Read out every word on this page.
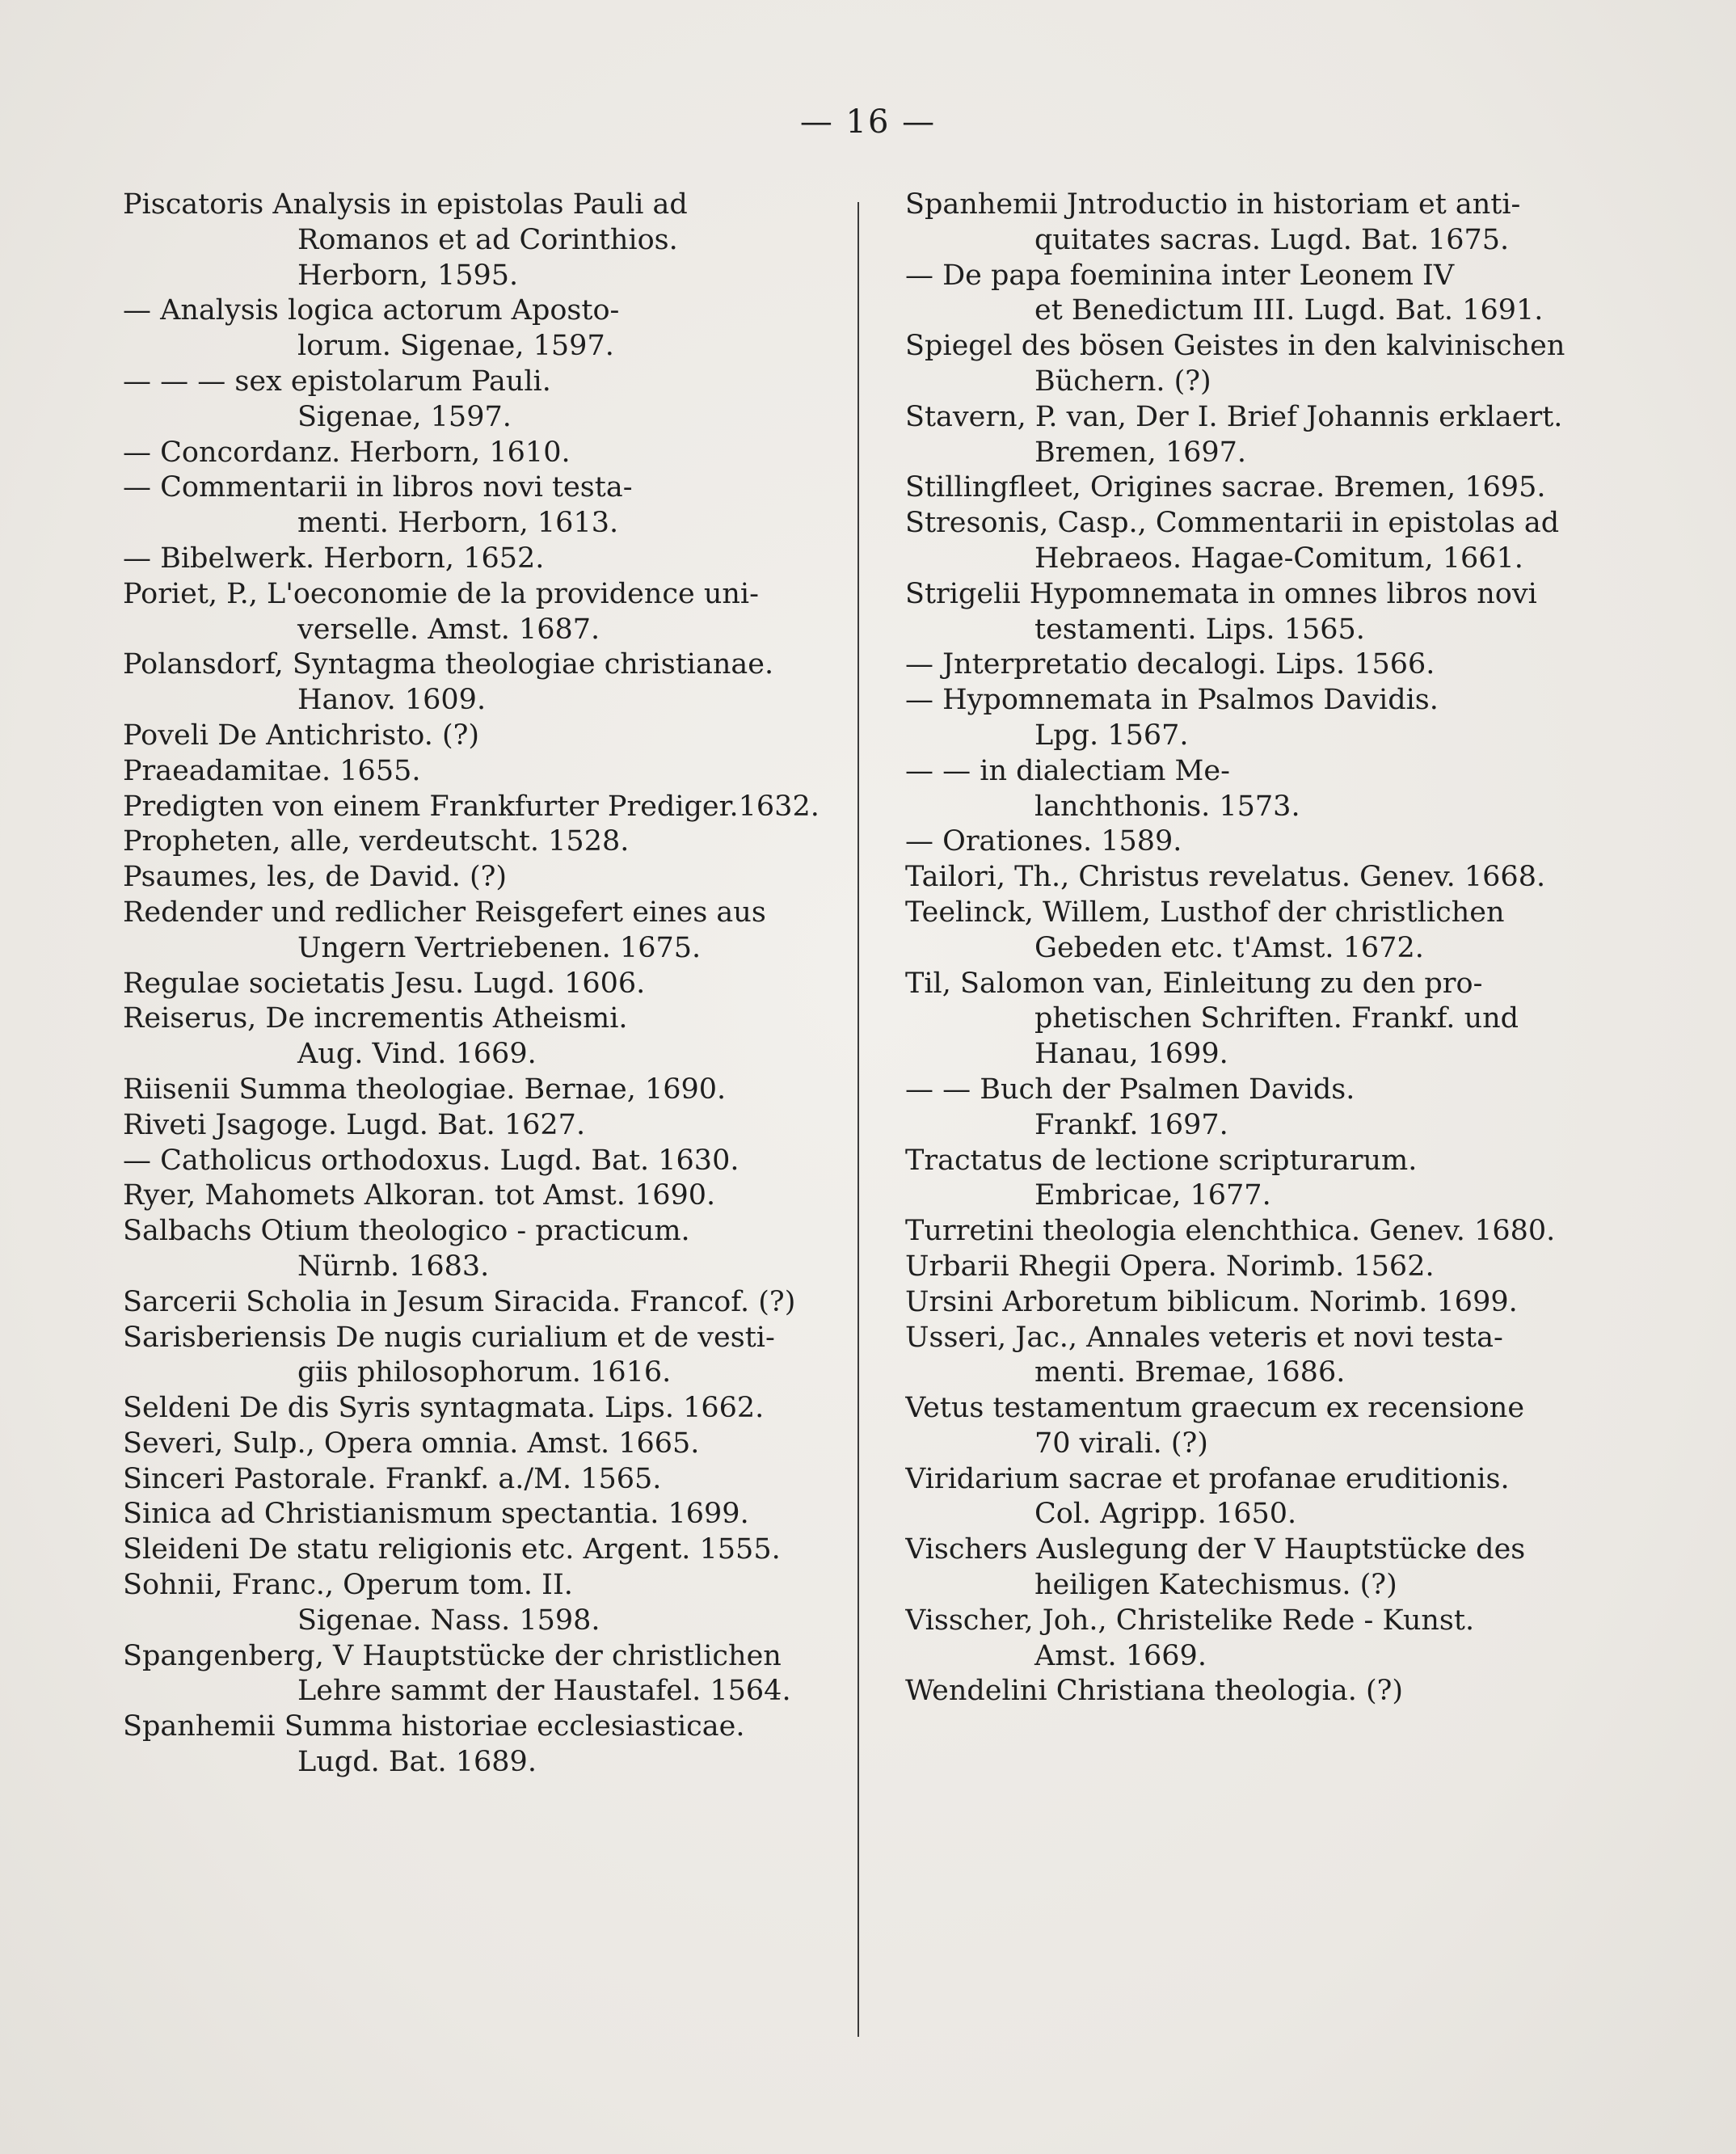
— 16 —
Piscatoris Analysis in epistolas Pauli ad
Romanos et ad Corinthios.
Herborn, 1595.
— Analysis logica actorum Aposto-
lorum. Sigenae, 1597.
— — — sex epistolarum Pauli.
Sigenae, 1597.
— Concordanz. Herborn, 1610.
— Commentarii in libros novi testa-
menti. Herborn, 1613.
— Bibelwerk. Herborn, 1652.
Poriet, P., L'oeconomie de la providence uni-
verselle. Amst. 1687.
Polansdorf, Syntagma theologiae christianae.
Hanov. 1609.
Poveli De Antichristo. (?)
Praeadamitae. 1655.
Predigten von einem Frankfurter Prediger.1632.
Propheten, alle, verdeutscht. 1528.
Psaumes, les, de David. (?)
Redender und redlicher Reisgefert eines aus
Ungern Vertriebenen. 1675.
Regulae societatis Jesu. Lugd. 1606.
Reiserus, De incrementis Atheismi.
Aug. Vind. 1669.
Riisenii Summa theologiae. Bernae, 1690.
Riveti Jsagoge. Lugd. Bat. 1627.
— Catholicus orthodoxus. Lugd. Bat. 1630.
Ryer, Mahomets Alkoran. tot Amst. 1690.
Salbachs Otium theologico - practicum.
Nürnb. 1683.
Sarcerii Scholia in Jesum Siracida. Francof. (?)
Sarisberiensis De nugis curialium et de vesti-
giis philosophorum. 1616.
Seldeni De dis Syris syntagmata. Lips. 1662.
Severi, Sulp., Opera omnia. Amst. 1665.
Sinceri Pastorale. Frankf. a./M. 1565.
Sinica ad Christianismum spectantia. 1699.
Sleideni De statu religionis etc. Argent. 1555.
Sohnii, Franc., Operum tom. II.
Sigenae. Nass. 1598.
Spangenberg, V Hauptstücke der christlichen
Lehre sammt der Haustafel. 1564.
Spanhemii Summa historiae ecclesiasticae.
Lugd. Bat. 1689.
Spanhemii Jntroductio in historiam et anti-
quitates sacras. Lugd. Bat. 1675.
— De papa foeminina inter Leonem IV
et Benedictum III. Lugd. Bat. 1691.
Spiegel des bösen Geistes in den kalvinischen
Büchern. (?)
Stavern, P. van, Der I. Brief Johannis erklaert.
Bremen, 1697.
Stillingfleet, Origines sacrae. Bremen, 1695.
Stresonis, Casp., Commentarii in epistolas ad
Hebraeos. Hagae-Comitum, 1661.
Strigelii Hypomnemata in omnes libros novi
testamenti. Lips. 1565.
— Jnterpretatio decalogi. Lips. 1566.
— Hypomnemata in Psalmos Davidis.
Lpg. 1567.
— — in dialectiam Me-
lanchthonis. 1573.
— Orationes. 1589.
Tailori, Th., Christus revelatus. Genev. 1668.
Teelinck, Willem, Lusthof der christlichen
Gebeden etc. t'Amst. 1672.
Til, Salomon van, Einleitung zu den pro-
phetischen Schriften. Frankf. und
Hanau, 1699.
— — Buch der Psalmen Davids.
Frankf. 1697.
Tractatus de lectione scripturarum.
Embricae, 1677.
Turretini theologia elenchthica. Genev. 1680.
Urbarii Rhegii Opera. Norimb. 1562.
Ursini Arboretum biblicum. Norimb. 1699.
Usseri, Jac., Annales veteris et novi testa-
menti. Bremae, 1686.
Vetus testamentum graecum ex recensione
70 virali. (?)
Viridarium sacrae et profanae eruditionis.
Col. Agripp. 1650.
Vischers Auslegung der V Hauptstücke des
heiligen Katechismus. (?)
Visscher, Joh., Christelike Rede - Kunst.
Amst. 1669.
Wendelini Christiana theologia. (?)
